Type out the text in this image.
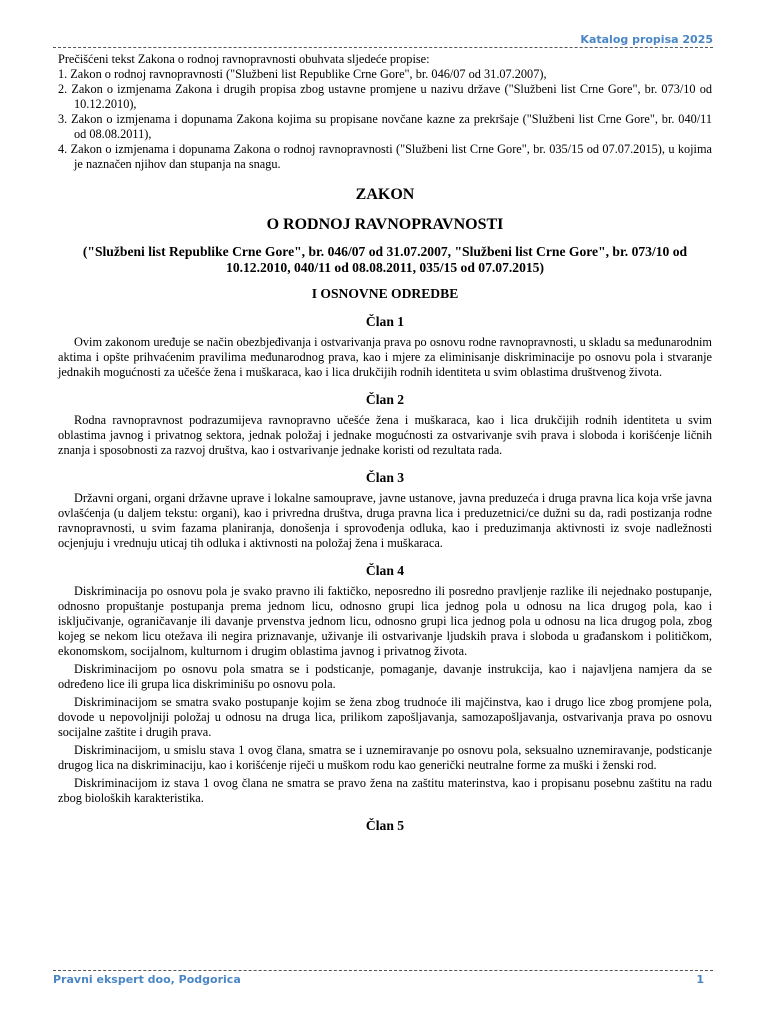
Katalog propisa 2025

Prečišćeni tekst Zakona o rodnoj ravnopravnosti obuhvata sljedeće propise:

1. Zakon o rodnoj ravnopravnosti ("Službeni list Republike Crne Gore", br. 046/07 od 31.07.2007),
2. Zakon o izmjenama Zakona i drugih propisa zbog ustavne promjene u nazivu države ("Službeni list Crne Gore", br. 073/10 od 10.12.2010),
3. Zakon o izmjenama i dopunama Zakona kojima su propisane novčane kazne za prekršaje ("Službeni list Crne Gore", br. 040/11 od 08.08.2011),
4. Zakon o izmjenama i dopunama Zakona o rodnoj ravnopravnosti ("Službeni list Crne Gore", br. 035/15 od 07.07.2015), u kojima je naznačen njihov dan stupanja na snagu.
ZAKON
O RODNOJ RAVNOPRAVNOSTI
("Službeni list Republike Crne Gore", br. 046/07 od 31.07.2007, "Službeni list Crne Gore", br. 073/10 od 10.12.2010, 040/11 od 08.08.2011, 035/15 od 07.07.2015)
I OSNOVNE ODREDBE
Član 1

Ovim zakonom uređuje se način obezbjeđivanja i ostvarivanja prava po osnovu rodne ravnopravnosti, u skladu sa međunarodnim aktima i opšte prihvaćenim pravilima međunarodnog prava, kao i mjere za eliminisanje diskriminacije po osnovu pola i stvaranje jednakih mogućnosti za učešće žena i muškaraca, kao i lica drukčijih rodnih identiteta u svim oblastima društvenog života.

Član 2

Rodna ravnopravnost podrazumijeva ravnopravno učešće žena i muškaraca, kao i lica drukčijih rodnih identiteta u svim oblastima javnog i privatnog sektora, jednak položaj i jednake mogućnosti za ostvarivanje svih prava i sloboda i korišćenje ličnih znanja i sposobnosti za razvoj društva, kao i ostvarivanje jednake koristi od rezultata rada.

Član 3

Državni organi, organi državne uprave i lokalne samouprave, javne ustanove, javna preduzeća i druga pravna lica koja vrše javna ovlašćenja (u daljem tekstu: organi), kao i privredna društva, druga pravna lica i preduzetnici/ce dužni su da, radi postizanja rodne ravnopravnosti, u svim fazama planiranja, donošenja i sprovođenja odluka, kao i preduzimanja aktivnosti iz svoje nadležnosti ocjenjuju i vrednuju uticaj tih odluka i aktivnosti na položaj žena i muškaraca.

Član 4

Diskriminacija po osnovu pola je svako pravno ili faktičko, neposredno ili posredno pravljenje razlike ili nejednako postupanje, odnosno propuštanje postupanja prema jednom licu, odnosno grupi lica jednog pola u odnosu na lica drugog pola, kao i isključivanje, ograničavanje ili davanje prvenstva jednom licu, odnosno grupi lica jednog pola u odnosu na lica drugog pola, zbog kojeg se nekom licu otežava ili negira priznavanje, uživanje ili ostvarivanje ljudskih prava i sloboda u građanskom i političkom, ekonomskom, socijalnom, kulturnom i drugim oblastima javnog i privatnog života.

Diskriminacijom po osnovu pola smatra se i podsticanje, pomaganje, davanje instrukcija, kao i najavljena namjera da se određeno lice ili grupa lica diskriminišu po osnovu pola.

Diskriminacijom se smatra svako postupanje kojim se žena zbog trudnoće ili majčinstva, kao i drugo lice zbog promjene pola, dovode u nepovoljniji položaj u odnosu na druga lica, prilikom zapošljavanja, samozapošljavanja, ostvarivanja prava po osnovu socijalne zaštite i drugih prava.

Diskriminacijom, u smislu stava 1 ovog člana, smatra se i uznemiravanje po osnovu pola, seksualno uznemiravanje, podsticanje drugog lica na diskriminaciju, kao i korišćenje riječi u muškom rodu kao generički neutralne forme za muški i ženski rod.

Diskriminacijom iz stava 1 ovog člana ne smatra se pravo žena na zaštitu materinstva, kao i propisanu posebnu zaštitu na radu zbog bioloških karakteristika.

Član 5
Pravni ekspert doo, Podgorica	1
